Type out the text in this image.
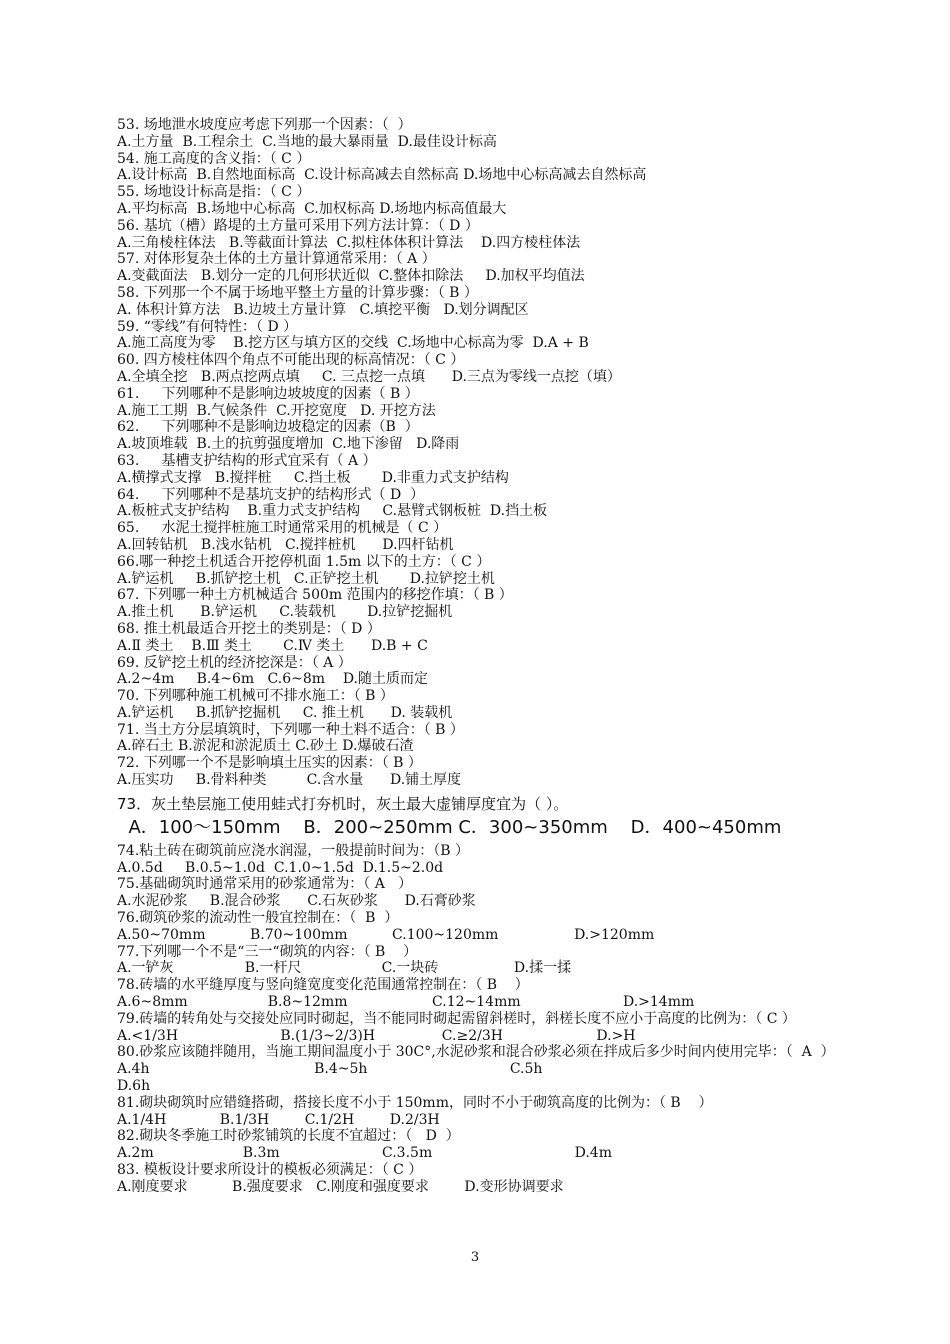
53. 场地泄水坡度应考虑下列那一个因素：（  ）
A.土方量  B.工程余土  C.当地的最大暴雨量  D.最佳设计标高
54. 施工高度的含义指：（ C ）
A.设计标高  B.自然地面标高  C.设计标高减去自然标高 D.场地中心标高减去自然标高
55. 场地设计标高是指：（ C ）
A.平均标高  B.场地中心标高  C.加权标高 D.场地内标高值最大
56. 基坑（槽）路堤的土方量可采用下列方法计算：（ D ）
A.三角棱柱体法   B.等截面计算法  C.拟柱体体积计算法    D.四方棱柱体法
57. 对体形复杂土体的土方量计算通常采用：（ A ）
A.变截面法   B.划分一定的几何形状近似  C.整体扣除法     D.加权平均值法
58. 下列那一个不属于场地平整土方量的计算步骤：（ B ）
A. 体积计算方法   B.边坡土方量计算   C.填挖平衡   D.划分调配区
59. “零线”有何特性：（ D ）
A.施工高度为零    B.挖方区与填方区的交线  C.场地中心标高为零  D.A + B
60. 四方棱柱体四个角点不可能出现的标高情况：（ C ）
A.全填全挖   B.两点挖两点填     C. 三点挖一点填      D.三点为零线一点挖（填）
61.     下列哪种不是影响边坡坡度的因素（ B ）
A.施工工期  B.气候条件  C.开挖宽度   D. 开挖方法
62.     下列哪种不是影响边坡稳定的因素（B  ）
A.坡顶堆载  B.土的抗剪强度增加  C.地下渗留   D.降雨
63.     基槽支护结构的形式宜采有（ A ）
A.横撑式支撑   B.搅拌桩     C.挡土板       D.非重力式支护结构
64.     下列哪种不是基坑支护的结构形式（ D  ）
A.板桩式支护结构    B.重力式支护结构     C.悬臂式钢板桩  D.挡土板
65.     水泥土搅拌桩施工时通常采用的机械是（ C ）
A.回转钻机   B.浅水钻机   C.搅拌桩机      D.四杆钻机
66.哪一种挖土机适合开挖停机面 1.5m 以下的土方：（ C ）
A.铲运机     B.抓铲挖土机   C.正铲挖土机       D.拉铲挖土机
67. 下列哪一种土方机械适合 500m 范围内的移挖作填：（ B ）
A.推土机      B.铲运机     C.装载机       D.拉铲挖掘机
68. 推土机最适合开挖土的类别是：（ D ）
A.Ⅱ 类土    B.Ⅲ 类土       C.Ⅳ 类土      D.B + C
69. 反铲挖土机的经济挖深是：（ A ）
A.2~4m     B.4~6m   C.6~8m    D.随土质而定
70. 下列哪种施工机械可不排水施工：（ B ）
A.铲运机     B.抓铲挖掘机     C. 推土机      D. 装载机
71. 当土方分层填筑时，下列哪一种土料不适合：（ B ）
A.碎石土 B.淤泥和淤泥质土 C.砂土 D.爆破石渣
72. 下列哪一个不是影响填土压实的因素：（ B ）
A.压实功     B.骨料种类         C.含水量      D.铺土厚度
73．灰土垫层施工使用蛙式打夯机时，灰土最大虚铺厚度宜为（ ）。
A．100～150mm    B．200~250mm C．300~350mm    D．400~450mm
74.粘土砖在砌筑前应浇水润湿，一般提前时间为：（B ）
A.0.5d     B.0.5~1.0d  C.1.0~1.5d  D.1.5~2.0d
75.基础砌筑时通常采用的砂浆通常为：（ A   ）
A.水泥砂浆     B.混合砂浆      C.石灰砂浆      D.石膏砂浆
76.砌筑砂浆的流动性一般宜控制在：（  B  ）
A.50~70mm          B.70~100mm          C.100~120mm                 D.>120mm
77.下列哪一个不是“三一“砌筑的内容：（ B    ）
A.一铲灰                B.一杆尺                  C.一块砖                 D.揉一揉
78.砖墙的水平缝厚度与竖向缝宽度变化范围通常控制在：（ B    ）
A.6~8mm                  B.8~12mm                   C.12~14mm                       D.>14mm
79.砖墙的转角处与交接处应同时砌起，当不能同时砌起需留斜槎时，斜槎长度不应小于高度的比例为：（ C ）
A.<1/3H                       B.(1/3~2/3)H               C.≥2/3H                     D.>H
80.砂浆应该随拌随用，当施工期间温度小于 30C°,水泥砂浆和混合砂浆必须在拌成后多少时间内使用完毕：（  A  ）
A.4h                                     B.4~5h                                C.5h
D.6h
81.砌块砌筑时应错缝搭砌，搭接长度不小于 150mm，同时不小于砌筑高度的比例为：（ B    ）
A.1/4H            B.1/3H        C.1/2H        D.2/3H
82.砌块冬季施工时砂浆铺筑的长度不宜超过：（   D  ）
A.2m                    B.3m                       C.3.5m                                D.4m
83. 模板设计要求所设计的模板必须满足：（ C ）
A.刚度要求          B.强度要求   C.刚度和强度要求        D.变形协调要求
3
